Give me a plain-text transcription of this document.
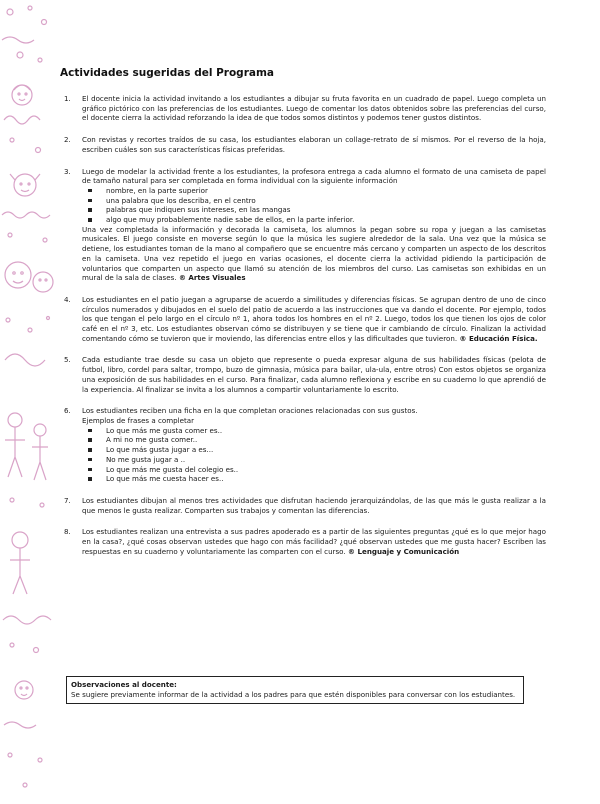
Actividades sugeridas del Programa
1.	El docente inicia la actividad invitando a los estudiantes a dibujar su fruta favorita en un cuadrado de papel. Luego completa un gráfico pictórico con las preferencias de los estudiantes. Luego de comentar los datos obtenidos sobre las preferencias del curso, el docente cierra la actividad reforzando la idea de que todos somos distintos y podemos tener gustos distintos.

2.	Con revistas y recortes traídos de su casa, los estudiantes elaboran un collage-retrato de sí mismos. Por el reverso de la hoja, escriben cuáles son sus características físicas preferidas.

3.	Luego de modelar la actividad frente a los estudiantes, la profesora entrega a cada alumno el formato de una camiseta de papel de tamaño natural para ser completada en forma individual con la siguiente información

nombre, en la parte superior
una palabra que los describa, en el centro
palabras que indiquen sus intereses, en las mangas
algo que muy probablemente nadie sabe de ellos, en la parte inferior.

Una vez completada la información y decorada la camiseta, los alumnos la pegan sobre su ropa y juegan a las camisetas musicales. El juego consiste en moverse según lo que la música les sugiere alrededor de la sala. Una vez que la música se detiene, los estudiantes toman de la mano al compañero que se encuentre más cercano y comparten un aspecto de los descritos en la camiseta. Una vez repetido el juego en varias ocasiones, el docente cierra la actividad pidiendo la participación de voluntarios que comparten un aspecto que llamó su atención de los miembros del curso. Las camisetas son exhibidas en un mural de la sala de clases. ® Artes Visuales

4.	Los estudiantes en el patio juegan a agruparse de acuerdo a similitudes y diferencias físicas. Se agrupan dentro de uno de cinco círculos numerados y dibujados en el suelo del patio de acuerdo a las instrucciones que va dando el docente. Por ejemplo, todos los que tengan el pelo largo en el círculo nº 1, ahora todos los hombres en el nº 2. Luego, todos los que tienen los ojos de color café en el nº 3, etc. Los estudiantes observan cómo se distribuyen y se tiene que ir cambiando de círculo. Finalizan la actividad comentando cómo se tuvieron que ir moviendo, las diferencias entre ellos y las dificultades que tuvieron. ® Educación Física.

5.	Cada estudiante trae desde su casa un objeto que represente o pueda expresar alguna de sus habilidades físicas (pelota de futbol, libro, cordel para saltar, trompo, buzo de gimnasia, música para bailar, ula-ula, entre otros) Con estos objetos se organiza una exposición de sus habilidades en el curso. Para finalizar, cada alumno reflexiona y escribe en su cuaderno lo que aprendió de la experiencia. Al finalizar se invita a los alumnos a compartir voluntariamente lo escrito.

6.	Los estudiantes reciben una ficha en la que completan oraciones relacionadas con sus gustos.

Ejemplos de frases a completar

Lo que más me gusta comer es..
A mi no me gusta comer..
Lo que más gusta jugar a es...
No me gusta jugar a ..
Lo que más me gusta del colegio es..
Lo que más me cuesta hacer es..
7.	Los estudiantes dibujan al menos tres actividades que disfrutan haciendo jerarquizándolas, de las que más le gusta realizar a la que menos le gusta realizar. Comparten sus trabajos y comentan las diferencias.

8.	Los estudiantes realizan una entrevista a sus padres apoderado es a partir de las siguientes preguntas ¿qué es lo que mejor hago en la casa?, ¿qué cosas observan ustedes que hago con más facilidad? ¿qué observan ustedes que me gusta hacer? Escriben las respuestas en su cuaderno y voluntariamente las comparten con el curso. ® Lenguaje y Comunicación

Observaciones al docente:
Se sugiere previamente informar de la actividad a los padres para que estén disponibles para conversar con los estudiantes.
